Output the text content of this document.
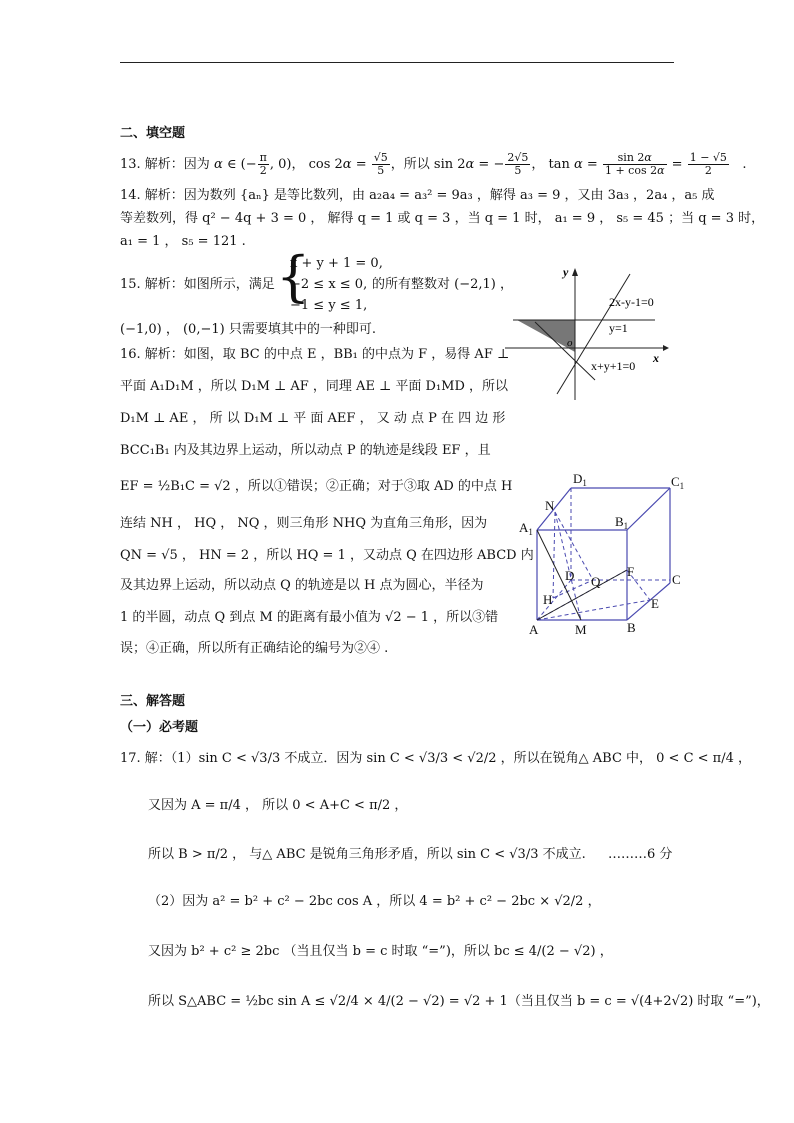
二、填空题
13. 解析：因为 α ∈ (− $\frac{\pi}{2}$ , 0)， $\cos 2\alpha = \frac{√5}{5}$ ，所以 sin 2α = − $\frac{2√5}{5}$ ， $\tan \alpha = \frac{\sin 2\alpha}{1 + \cos 2\alpha} = \frac{1 - √5}{2}$ .
14. 解析：因为数列 {aₙ} 是等比数列，由 a₂a₄ = a₃² = 9a₃ ，解得 a₃ = 9 ，又由 3a₃ ，2a₄ ，a₅ 成
等差数列，得 q² − 4q + 3 = 0 ， 解得 q = 1 或 q = 3 ，当 q = 1 时， a₁ = 9 ， s₅ = 45 ；当 q = 3 时，
a₁ = 1 ， s₅ = 121 .
15. 解析：如图所示，满足 {
x + y + 1 = 0,
−2 ≤ x ≤ 0,
−1 ≤ y ≤ 1,
的所有整数对 (−2,1) ，
(−1,0) ， (0,−1) 只需要填其中的一种即可.
y
x
o
2x-y-1=0
y=1
x+y+1=0
16. 解析：如图，取 BC 的中点 E ，BB₁ 的中点为 F ，易得 AF ⊥
平面 A₁D₁M ，所以 D₁M ⊥ AF ，同理 AE ⊥ 平面 D₁MD ，所以
D₁M ⊥ AE ， 所 以 D₁M ⊥ 平 面 AEF ， 又 动 点 P 在 四 边 形
BCC₁B₁ 内及其边界上运动，所以动点 P 的轨迹是线段 EF ，且
EF = ½B₁C = √2 ，所以①错误；②正确；对于③取 AD 的中点 H
连结 NH ， HQ ， NQ ，则三角形 NHQ 为直角三角形，因为
QN = √5 ， HN = 2 ，所以 HQ = 1 ，又动点 Q 在四边形 ABCD 内
及其边界上运动，所以动点 Q 的轨迹是以 H 点为圆心，半径为
1 的半圆，动点 Q 到点 M 的距离有最小值为 √2 − 1 ，所以③错
误；④正确，所以所有正确结论的编号为②④ .
$D_1$	$C_1$
$A_1$
$B_1$
N
D Q
F
C
H	E
A	M	B
三、解答题
（一）必考题
17. 解：（1）sin C < √3/3 不成立．因为 sin C < √3/3 < √2/2 ，所以在锐角△ ABC 中， 0 < C < π/4 ，
又因为 A = π/4 ， 所以 0 < A+C < π/2 ，
所以 B > π/2 ， 与△ ABC 是锐角三角形矛盾，所以 sin C < √3/3 不成立. ………6 分
（2）因为 a² = b² + c² − 2bc cos A ，所以 4 = b² + c² − 2bc × √2/2 ，
又因为 b² + c² ≥ 2bc （当且仅当 b = c 时取 “=”)，所以 bc ≤ 4/(2 − √2) ，
所以 S△ABC = ½bc sin A ≤ √2/4 × 4/(2 − √2) = √2 + 1（当且仅当 b = c = √(4+2√2) 时取 “=”)，
